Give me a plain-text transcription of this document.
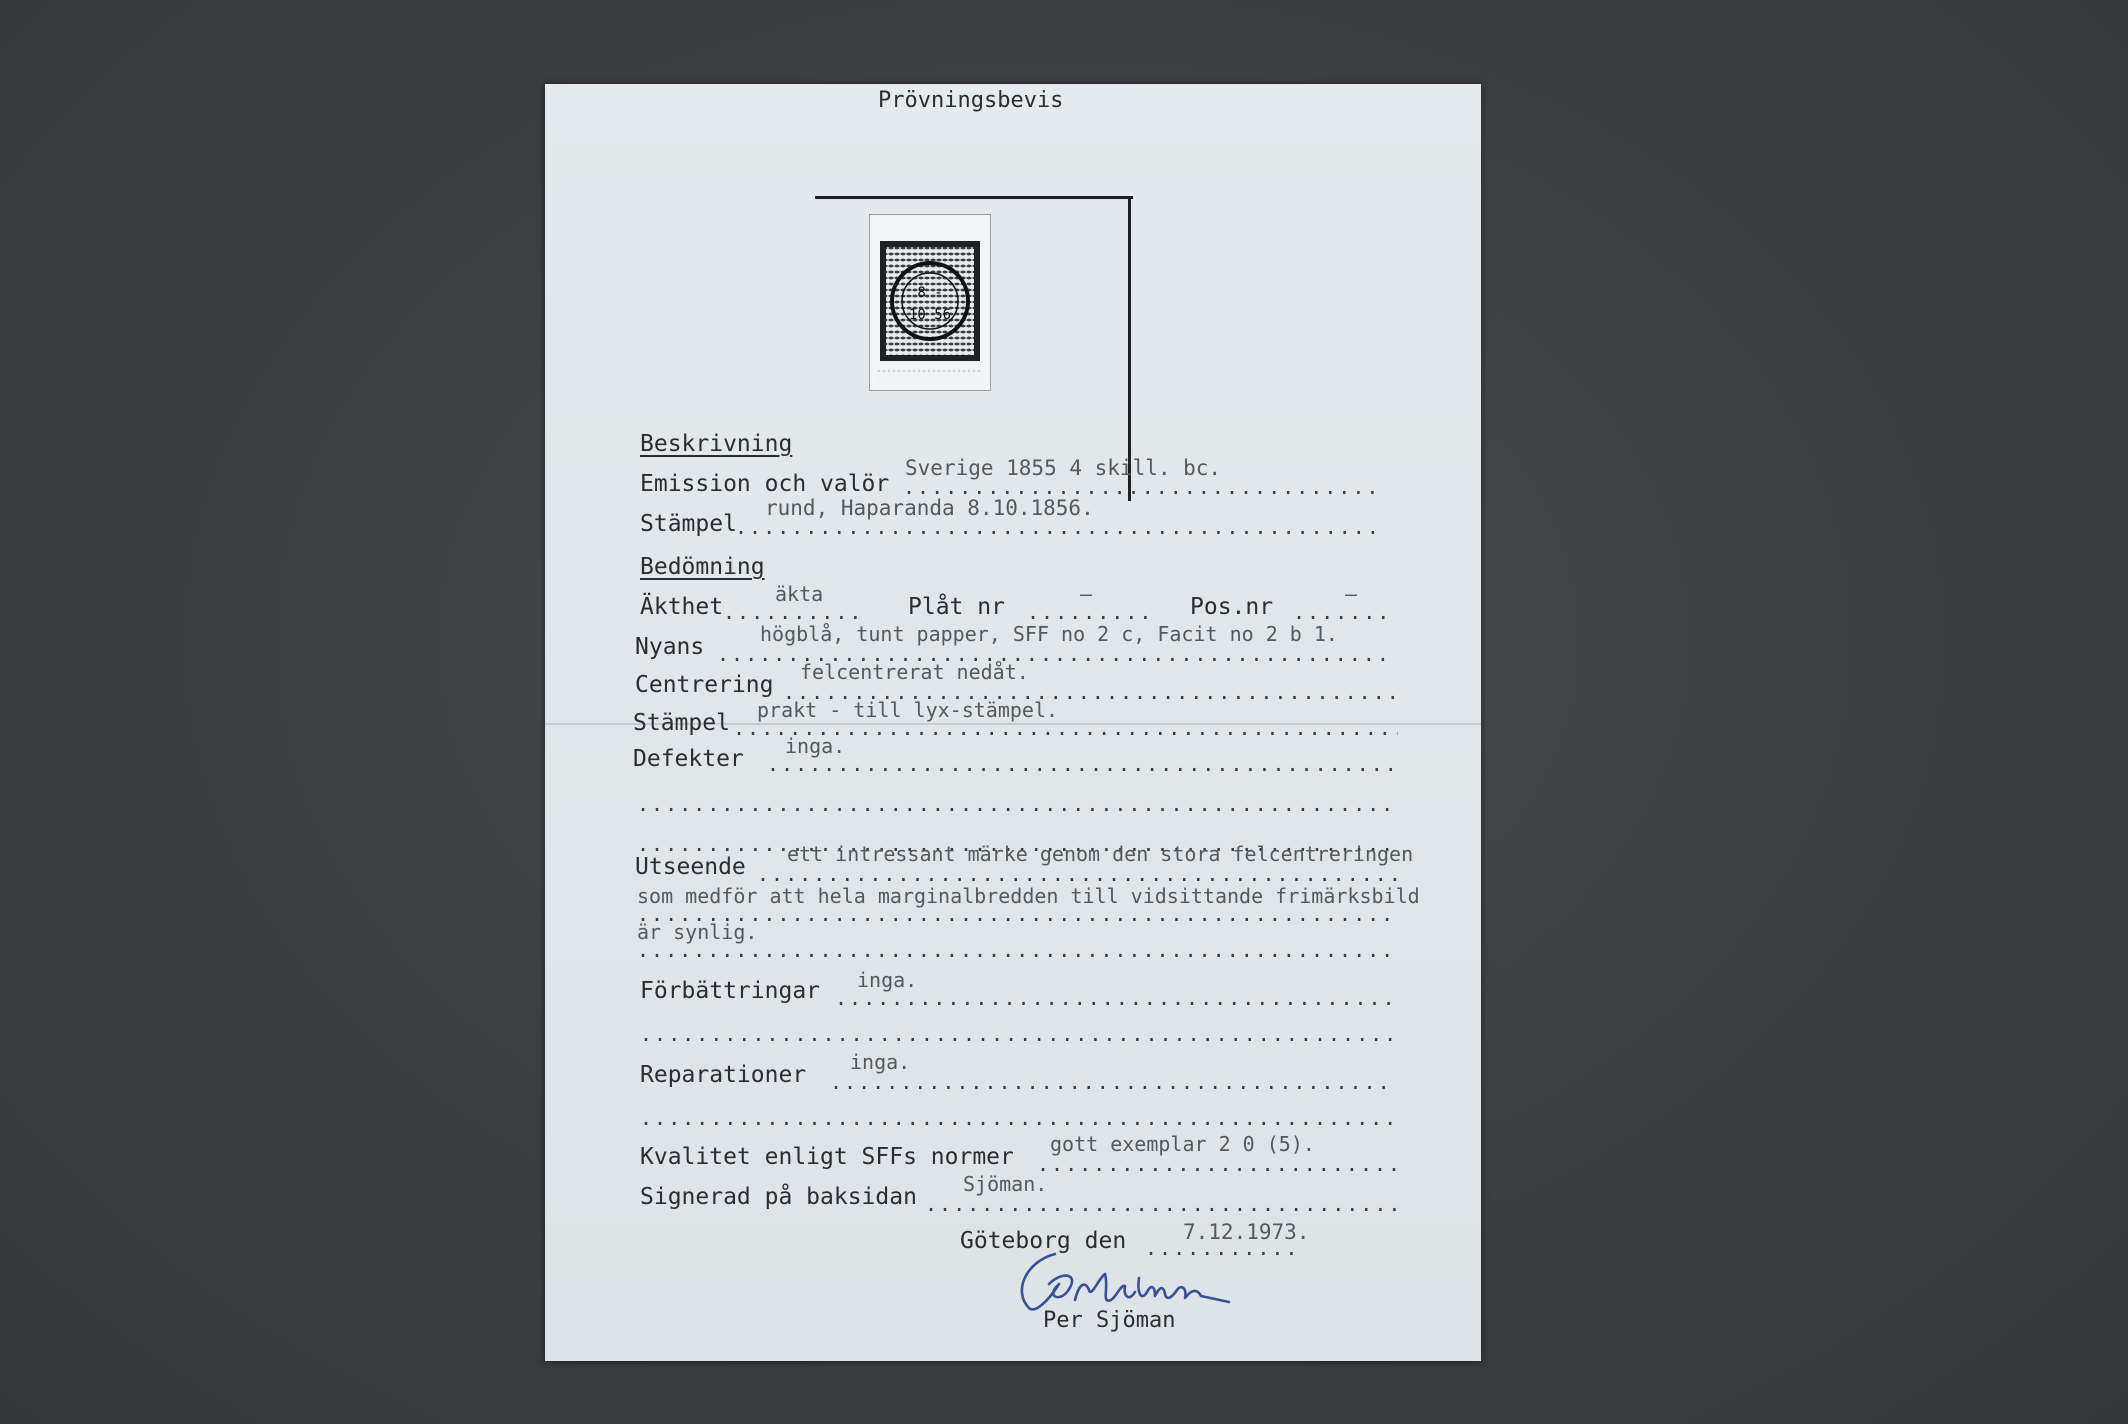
Prövningsbevis
8 -
10 56
Beskrivning
Emission och valör
Sverige 1855 4 skill. bc.
.....
Stämpel
rund, Haparanda 8.10.1856.
.....
Bedömning
Äkthet	äkta .....	Plåt nr	– .....	Pos.nr	–
.....
Nyans	högblå, tunt papper, SFF no 2 c, Facit no 2 b 1.
.....
Centrering felcentrerat nedåt.
.....
Stämpel prakt - till lyx-stämpel.
.....
Defekter inga.
.....
.....
.....
Utseende ett intressant märke genom den stora felcentreringen
.....
som medför att hela marginalbredden till vidsittande frimärksbild
.....
är synlig.
.....
Förbättringar inga.
.....
.....
Reparationer inga.
.....
.....
Kvalitet enligt SFFs normer gott exemplar 2 0 (5).
.....
Signerad på baksidan Sjöman.
.....
Göteborg den	7.12.1973.
.....
Per Sjöman
